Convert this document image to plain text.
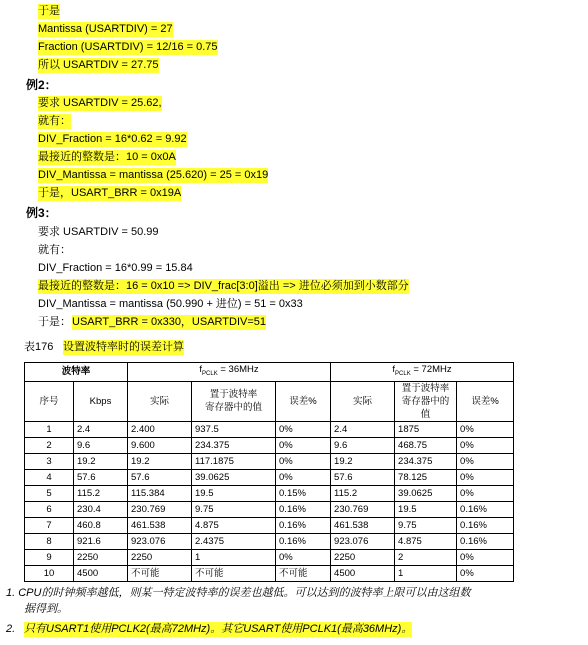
于是
Mantissa (USARTDIV) = 27
Fraction (USARTDIV) = 12/16 = 0.75
所以 USARTDIV = 27.75
例2：
要求 USARTDIV = 25.62,
就有：
DIV_Fraction = 16*0.62 = 9.92
最接近的整数是：10 = 0x0A
DIV_Mantissa = mantissa (25.620) = 25 = 0x19
于是，USART_BRR = 0x19A
例3：
要求 USARTDIV = 50.99
就有：
DIV_Fraction = 16*0.99 = 15.84
最接近的整数是：16 = 0x10 => DIV_frac[3:0]溢出 => 进位必须加到小数部分
DIV_Mantissa = mantissa (50.990 + 进位) = 51 = 0x33
于是： USART_BRR = 0x330，USARTDIV=51
表176 设置波特率时的误差计算
1. CPU的时钟频率越低，则某一特定波特率的误差也越低。可以达到的波特率上限可以由这组数
据得到。
2. 只有USART1使用PCLK2(最高72MHz)。其它USART使用PCLK1(最高36MHz)。
波特率		$f_{PCLK} = 36MHz$			$f_{PCLK} = 72MHz$		
序号	Kbps	实际	置于波特率
寄存器中的值	误差%	实际	置于波特率
寄存器中的值	误差%
1	2.4	2.400	937.5	0%	2.4	1875	0%
2	9.6	9.600	234.375	0%	9.6	468.75	0%
3	19.2	19.2	117.1875	0%	19.2	234.375	0%
4	57.6	57.6	39.0625	0%	57.6	78.125	0%
5	115.2	115.384	19.5	0.15%	115.2	39.0625	0%
6	230.4	230.769	9.75	0.16%	230.769	19.5	0.16%
7	460.8	461.538	4.875	0.16%	461.538	9.75	0.16%
8	921.6	923.076	2.4375	0.16%	923.076	4.875	0.16%
9	2250	2250	1	0%	2250	2	0%
10	4500	不可能	不可能	不可能	4500	1	0%
